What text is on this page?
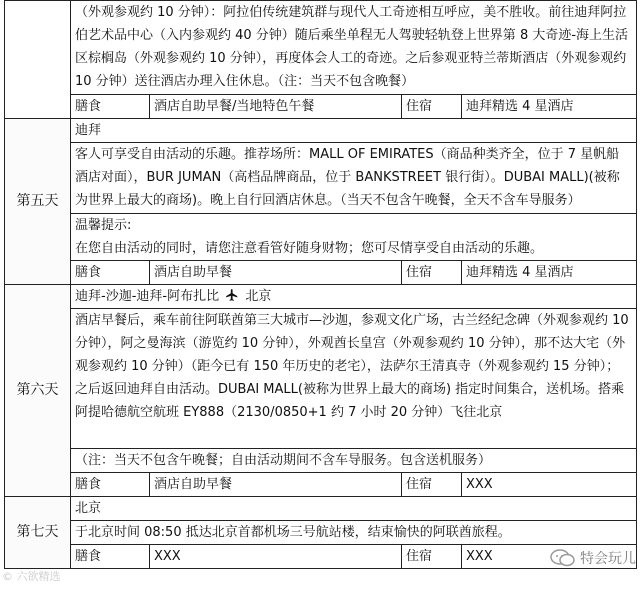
	（外观参观约 10 分钟）：阿拉伯传统建筑群与现代人工奇迹相互呼应，美不胜收。前往迪拜阿拉伯艺术品中心（入内参观约 40 分钟）随后乘坐单程无人驾驶轻轨登上世界第 8 大奇迹-海上生活区棕榈岛（外观参观约 10 分钟），再度体会人工的奇迹。之后参观亚特兰蒂斯酒店（外观参观约 10 分钟）送往酒店办理入住休息。（注：当天不包含晚餐）			
	膳食	酒店自助早餐/当地特色午餐	住宿	迪拜精选 4 星酒店
第五天	迪拜			
	客人可享受自由活动的乐趣。推荐场所：MALL OF EMIRATES（商品种类齐全，位于 7 星帆船酒店对面），BUR JUMAN（高档品牌商品，位于 BANKSTREET 银行街）。DUBAI MALL)(被称为世界上最大的商场)。晚上自行回酒店休息。（当天不包含午晚餐，全天不含车导服务）			

	温馨提示:
在您自由活动的同时，请您注意看管好随身财物；您可尽情享受自由活动的乐趣。			

	膳食	酒店自助早餐	住宿	迪拜精选 4 星酒店
第六天	迪拜-沙迦-迪拜-阿布扎比 北京			
	酒店早餐后，乘车前往阿联酋第三大城市—沙迦，参观文化广场，古兰经纪念碑（外观参观约 10 分钟），阿之曼海滨（游览约 10 分钟），外观酋长皇宫（外观参观约 10 分钟），那不达大宅（外观参观约 10 分钟）（距今已有 150 年历史的老宅），法萨尔王清真寺（外观参观约 15 分钟）；之后返回迪拜自由活动。DUBAI MALL(被称为世界上最大的商场) 指定时间集合，送机场。搭乘阿提哈德航空航班 EY888（2130/0850+1 约 7 小时 20 分钟）飞往北京			
	（注：当天不包含午晚餐；自由活动期间不含车导服务。包含送机服务）			
	膳食	酒店自助早餐	住宿	XXX
第七天	北京			
	于北京时间 08:50 抵达北京首都机场三号航站楼，结束愉快的阿联酋旅程。			
	膳食	XXX	住宿	XXX
© 六欲精选
特会玩儿
